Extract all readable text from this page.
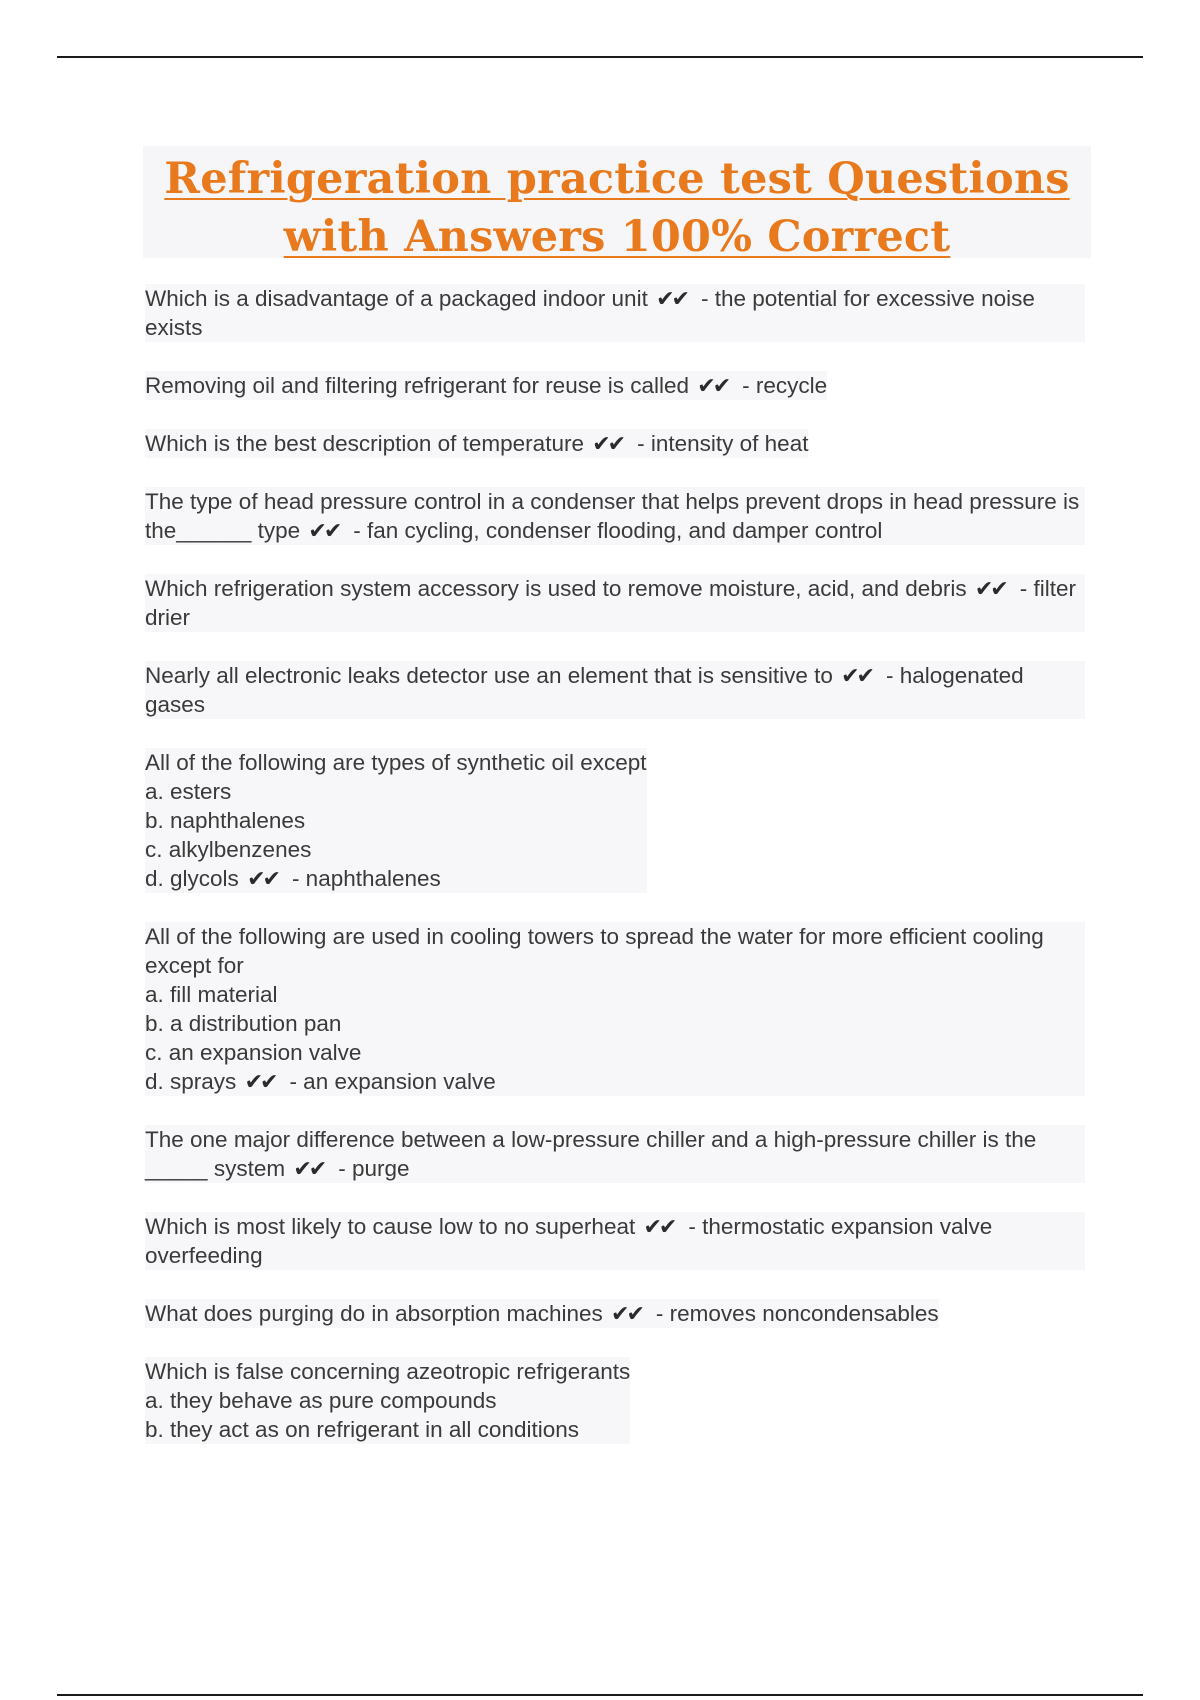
Refrigeration practice test Questions
with Answers 100% Correct
Which is a disadvantage of a packaged indoor unit ✔✔ - the potential for excessive noise exists
Removing oil and filtering refrigerant for reuse is called ✔✔ - recycle
Which is the best description of temperature ✔✔ - intensity of heat
The type of head pressure control in a condenser that helps prevent drops in head pressure is the______ type ✔✔ - fan cycling, condenser flooding, and damper control
Which refrigeration system accessory is used to remove moisture, acid, and debris ✔✔ - filter drier
Nearly all electronic leaks detector use an element that is sensitive to ✔✔ - halogenated gases
All of the following are types of synthetic oil except
a. esters
b. naphthalenes
c. alkylbenzenes
d. glycols ✔✔ - naphthalenes
All of the following are used in cooling towers to spread the water for more efficient cooling except for
a. fill material
b. a distribution pan
c. an expansion valve
d. sprays ✔✔ - an expansion valve
The one major difference between a low-pressure chiller and a high-pressure chiller is the _____ system ✔✔ - purge
Which is most likely to cause low to no superheat ✔✔ - thermostatic expansion valve overfeeding
What does purging do in absorption machines ✔✔ - removes noncondensables
Which is false concerning azeotropic refrigerants
a. they behave as pure compounds
b. they act as on refrigerant in all conditions
